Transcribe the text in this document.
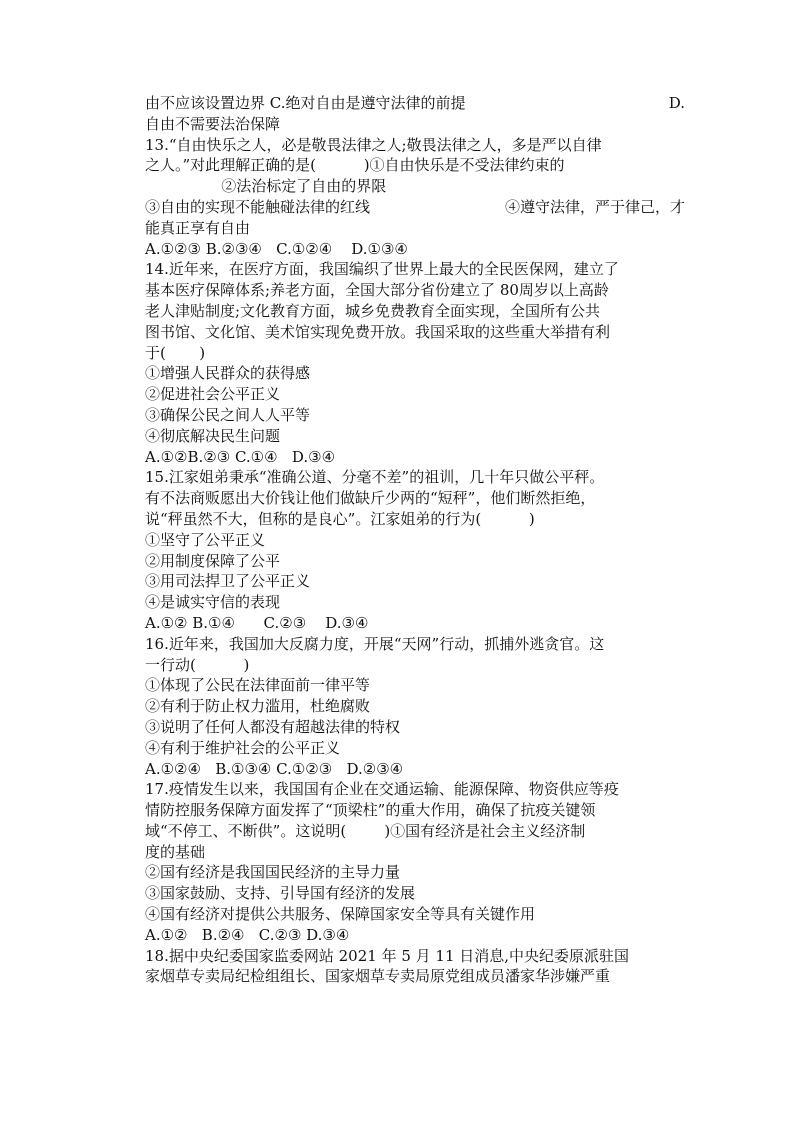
由不应该设置边界 C.绝对自由是遵守法律的前提	D.
自由不需要法治保障
13.“自由快乐之人，必是敬畏法律之人;敬畏法律之人，多是严以自律
之人。”对此理解正确的是(          )①自由快乐是不受法律约束的
②法治标定了自由的界限
③自由的实现不能触碰法律的红线	④遵守法律，严于律己，才
能真正享有自由
A.①②③ B.②③④   C.①②④    D.①③④
14.近年来，在医疗方面，我国编织了世界上最大的全民医保网，建立了
基本医疗保障体系;养老方面，全国大部分省份建立了 80周岁以上高龄
老人津贴制度;文化教育方面，城乡免费教育全面实现，全国所有公共
图书馆、文化馆、美术馆实现免费开放。我国采取的这些重大举措有利
于(       )
①增强人民群众的获得感
②促进社会公平正义
③确保公民之间人人平等
④彻底解决民生问题
A.①②B.②③ C.①④   D.③④
15.江家姐弟秉承“准确公道、分毫不差”的祖训，几十年只做公平秤。
有不法商贩愿出大价钱让他们做缺斤少两的“短秤”，他们断然拒绝，
说“秤虽然不大，但称的是良心”。江家姐弟的行为(          )
①坚守了公平正义
②用制度保障了公平
③用司法捍卫了公平正义
④是诚实守信的表现
A.①② B.①④      C.②③    D.③④
16.近年来，我国加大反腐力度，开展“天网”行动，抓捕外逃贪官。这
一行动(          )
①体现了公民在法律面前一律平等
②有利于防止权力滥用，杜绝腐败
③说明了任何人都没有超越法律的特权
④有利于维护社会的公平正义
A.①②④   B.①③④ C.①②③   D.②③④
17.疫情发生以来，我国国有企业在交通运输、能源保障、物资供应等疫
情防控服务保障方面发挥了“顶梁柱”的重大作用，确保了抗疫关键领
域“不停工、不断供”。这说明(        )①国有经济是社会主义经济制
度的基础
②国有经济是我国国民经济的主导力量
③国家鼓励、支持、引导国有经济的发展
④国有经济对提供公共服务、保障国家安全等具有关键作用
A.①②   B.②④   C.②③ D.③④
18.据中央纪委国家监委网站 2021 年 5 月 11 日消息,中央纪委原派驻国
家烟草专卖局纪检组组长、国家烟草专卖局原党组成员潘家华涉嫌严重
